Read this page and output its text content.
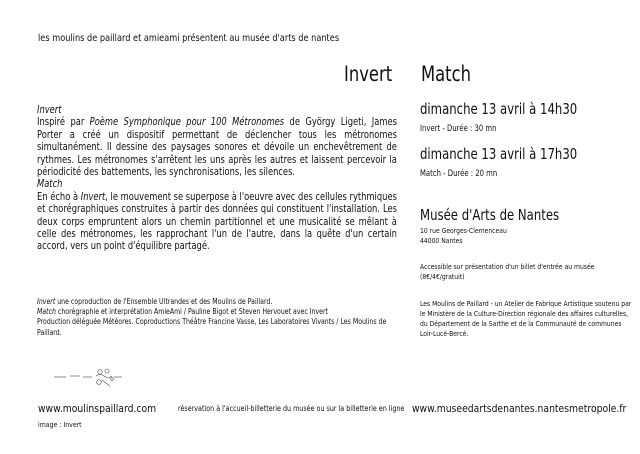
les moulins de paillard et amieami présentent au musée d'arts de nantes
Invert Match

Invert

Inspiré par Poème Symphonique pour 100 Métronomes de György Ligeti, James Porter a créé un dispositif permettant de déclencher tous les métronomes simultanément. Il dessine des paysages sonores et dévoile un enchevêtrement de rythmes. Les métronomes s'arrêtent les uns après les autres et laissent percevoir la périodicité des battements, les synchronisations, les silences.

Match

En écho à Invert, le mouvement se superpose à l'oeuvre avec des cellules rythmiques et chorégraphiques construites à partir des données qui constituent l'installation. Les deux corps empruntent alors un chemin partitionnel et une musicalité se mêlant à celle des métronomes, les rapprochant l'un de l'autre, dans la quête d'un certain accord, vers un point d'équilibre partagé.

Invert une coproduction de l'Ensemble Ultrandes et des Moulins de Paillard.

Match chorégraphie et interprétation AmieAmi / Pauline Bigot et Steven Hervouet avec Invert

Production déléguée Météores. Coproductions Théâtre Francine Vasse, Les Laboratoires Vivants / Les Moulins de Paillard.

dimanche 13 avril à 14h30
Invert - Durée : 30 mn
dimanche 13 avril à 17h30
Match - Durée : 20 mn
Musée d'Arts de Nantes
10 rue Georges-Clemenceau
44000 Nantes
Accessible sur présentation d'un billet d'entrée au musée
(8€/4€/gratuit)
Les Moulins de Paillard - un Atelier de Fabrique Artistique soutenu par le Ministère de la Culture-Direction régionale des affaires culturelles, du Département de la Sarthe et de la Communauté de communes Loir-Lucé-Bercé.
www.moulinspaillard.com	réservation à l'accueil-billetterie du musée ou sur la billetterie en ligne www.museedartsdenantes.nantesmetropole.fr
image : Invert
